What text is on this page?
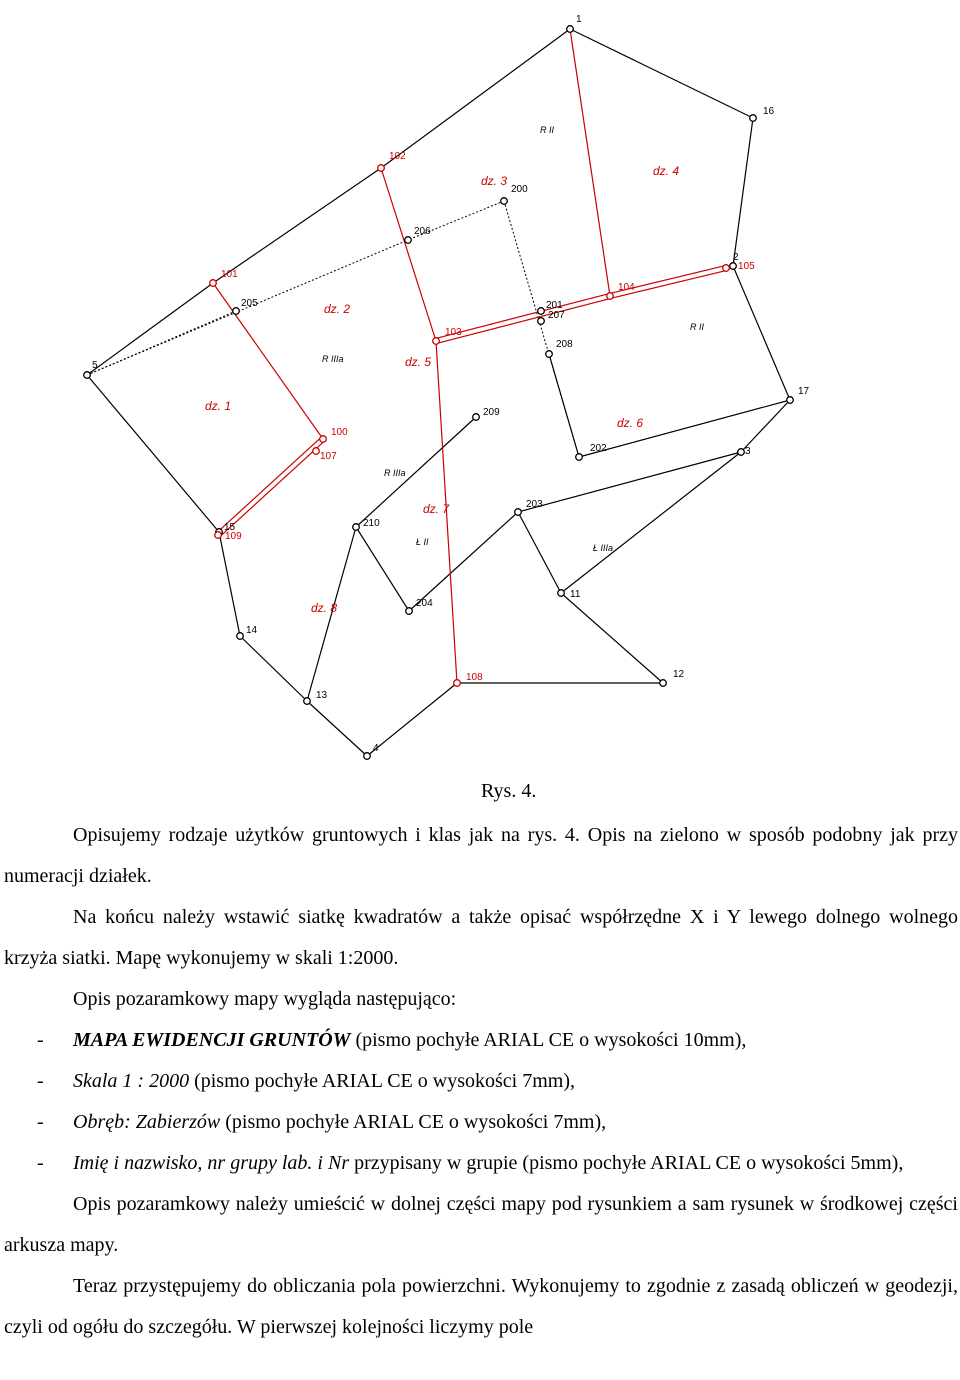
1
16
2
105
17
3
11
12
108
4
13
14
15
109
5
101
102
206
205
200
201
207
104
103
208
209
100
107
202
203
210
204
dz. 1
dz. 2
dz. 3
dz. 4
dz. 5
dz. 6
dz. 7
dz. 8
R II
R IIIa
R IIIa
R II
Ł II
Ł IIIa
Rys. 4.

Opisujemy rodzaje użytków gruntowych i klas jak na rys. 4. Opis na zielono w sposób podobny jak przy numeracji działek.

Na końcu należy wstawić siatkę kwadratów a także opisać współrzędne X i Y lewego dolnego wolnego krzyża siatki. Mapę wykonujemy w skali 1:2000.

Opis pozaramkowy mapy wygląda następująco:

- MAPA EWIDENCJI GRUNTÓW (pismo pochyłe ARIAL CE o wysokości 10mm),

- Skala 1 : 2000 (pismo pochyłe ARIAL CE o wysokości 7mm),

- Obręb: Zabierzów (pismo pochyłe ARIAL CE o wysokości 7mm),

- Imię i nazwisko, nr grupy lab. i Nr przypisany w grupie (pismo pochyłe ARIAL CE o wysokości 5mm),

Opis pozaramkowy należy umieścić w dolnej części mapy pod rysunkiem a sam rysunek w środkowej części arkusza mapy.

Teraz przystępujemy do obliczania pola powierzchni. Wykonujemy to zgodnie z zasadą obliczeń w geodezji, czyli od ogółu do szczegółu. W pierwszej kolejności liczymy pole
